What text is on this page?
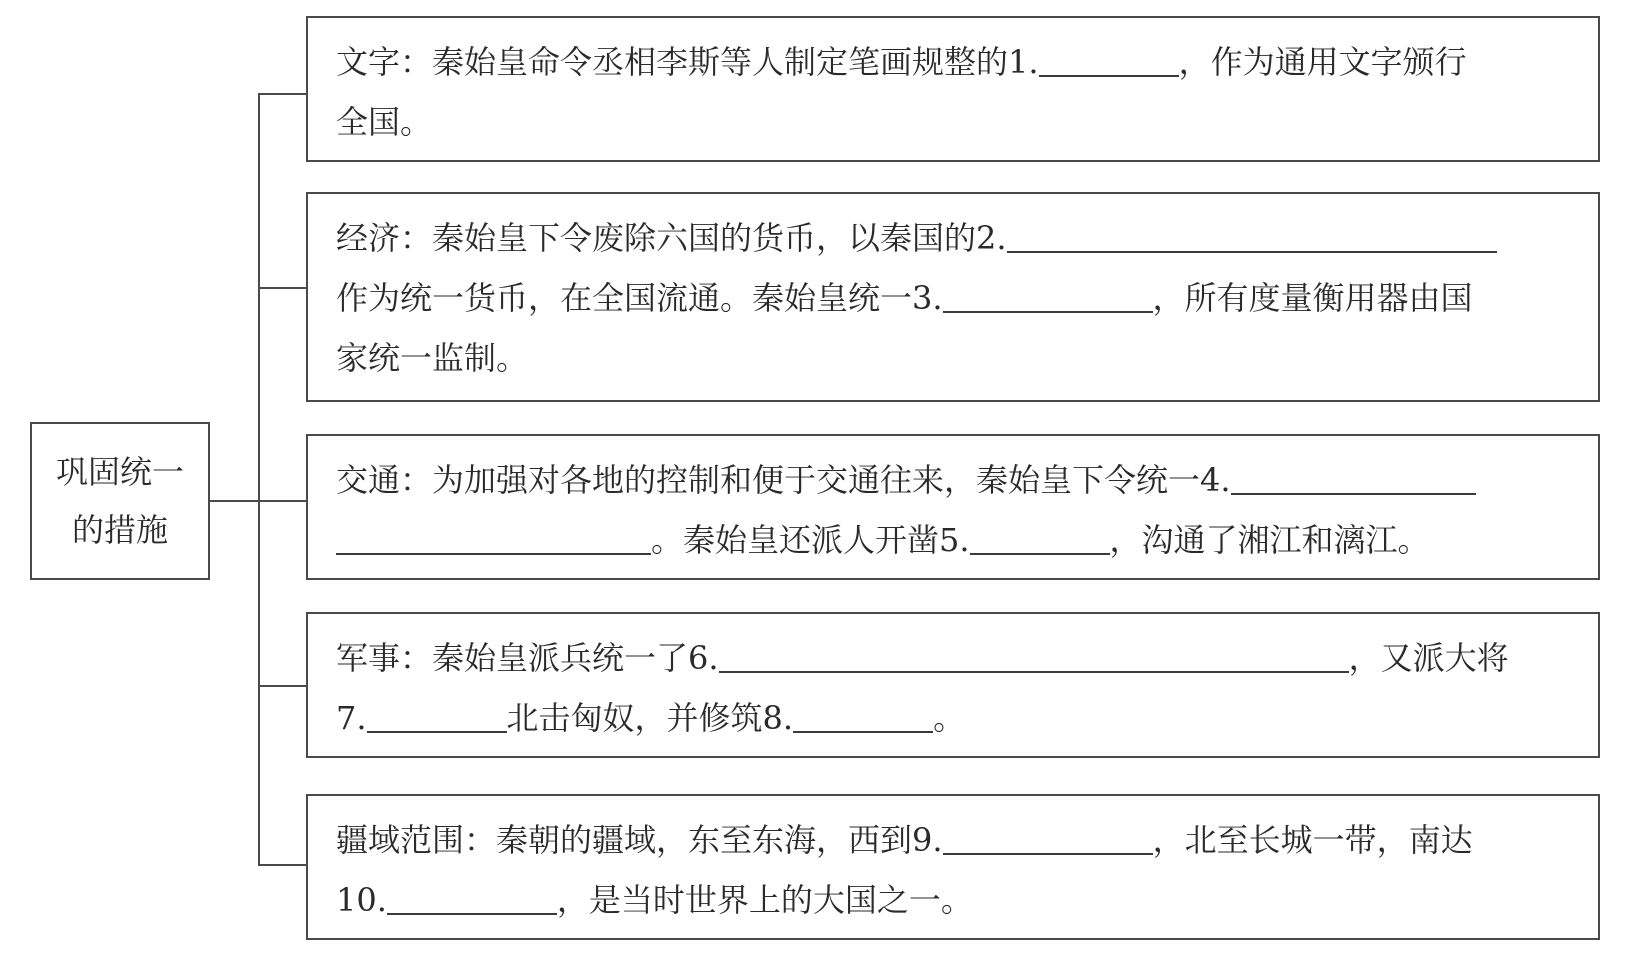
巩固统一
的措施
文字：秦始皇命令丞相李斯等人制定笔画规整的1.	，作为通用文字颁行
全国。
经济：秦始皇下令废除六国的货币，以秦国的2.
作为统一货币，在全国流通。秦始皇统一3.	，所有度量衡用器由国
家统一监制。
交通：为加强对各地的控制和便于交通往来，秦始皇下令统一4.
。秦始皇还派人开凿5.	，沟通了湘江和漓江。
军事：秦始皇派兵统一了6.	，又派大将
7.	北击匈奴，并修筑8.	。
疆域范围：秦朝的疆域，东至东海，西到9.	，北至长城一带，南达
10.	，是当时世界上的大国之一。
